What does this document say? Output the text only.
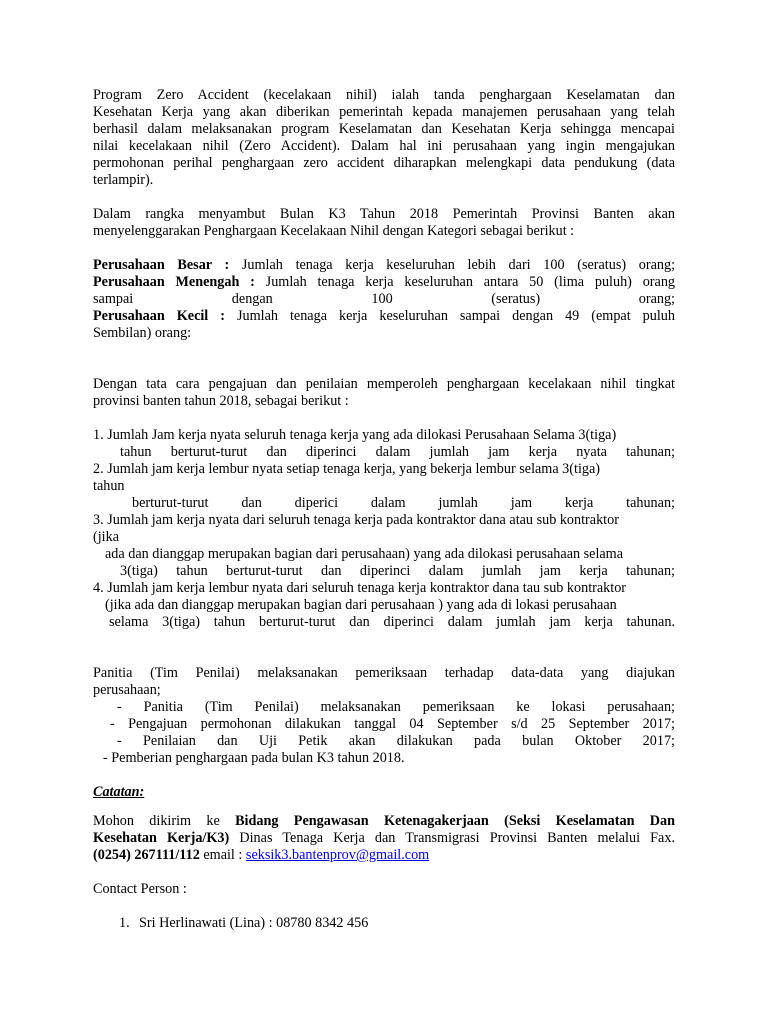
Program Zero Accident (kecelakaan nihil) ialah tanda penghargaan Keselamatan dan
Kesehatan Kerja yang akan diberikan pemerintah kepada manajemen perusahaan yang telah
berhasil dalam melaksanakan program Keselamatan dan Kesehatan Kerja sehingga mencapai
nilai kecelakaan nihil (Zero Accident). Dalam hal ini perusahaan yang ingin mengajukan
permohonan perihal penghargaan zero accident diharapkan melengkapi data pendukung (data
terlampir).
Dalam rangka menyambut Bulan K3 Tahun 2018 Pemerintah Provinsi Banten akan
menyelenggarakan Penghargaan Kecelakaan Nihil dengan Kategori sebagai berikut :
Perusahaan Besar : Jumlah tenaga kerja keseluruhan lebih dari 100 (seratus) orang;
Perusahaan Menengah : Jumlah tenaga kerja keseluruhan antara 50 (lima puluh) orang
sampai dengan 100 (seratus) orang;
Perusahaan Kecil : Jumlah tenaga kerja keseluruhan sampai dengan 49 (empat puluh
Sembilan) orang:
Dengan tata cara pengajuan dan penilaian memperoleh penghargaan kecelakaan nihil tingkat
provinsi banten tahun 2018, sebagai berikut :
1. Jumlah Jam kerja nyata seluruh tenaga kerja yang ada dilokasi Perusahaan Selama 3(tiga)
tahun berturut-turut dan diperinci dalam jumlah jam kerja nyata tahunan;
2. Jumlah jam kerja lembur nyata setiap tenaga kerja, yang bekerja lembur selama 3(tiga)
tahun
berturut-turut dan diperici dalam jumlah jam kerja tahunan;
3. Jumlah jam kerja nyata dari seluruh tenaga kerja pada kontraktor dana atau sub kontraktor
(jika
ada dan dianggap merupakan bagian dari perusahaan) yang ada dilokasi perusahaan selama
3(tiga) tahun berturut-turut dan diperinci dalam jumlah jam kerja tahunan;
4. Jumlah jam kerja lembur nyata dari seluruh tenaga kerja kontraktor dana tau sub kontraktor
(jika ada dan dianggap merupakan bagian dari perusahaan ) yang ada di lokasi perusahaan
selama 3(tiga) tahun berturut-turut dan diperinci dalam jumlah jam kerja tahunan.
Panitia (Tim Penilai) melaksanakan pemeriksaan terhadap data-data yang diajukan
perusahaan;
- Panitia (Tim Penilai) melaksanakan pemeriksaan ke lokasi perusahaan;
- Pengajuan permohonan dilakukan tanggal 04 September s/d 25 September 2017;
- Penilaian dan Uji Petik akan dilakukan pada bulan Oktober 2017;
- Pemberian penghargaan pada bulan K3 tahun 2018.
Catatan:
Mohon dikirim ke Bidang Pengawasan Ketenagakerjaan (Seksi Keselamatan Dan
Kesehatan Kerja/K3) Dinas Tenaga Kerja dan Transmigrasi Provinsi Banten melalui Fax.
(0254) 267111/112 email : seksik3.bantenprov@gmail.com
Contact Person :
1. Sri Herlinawati (Lina) : 08780 8342 456
